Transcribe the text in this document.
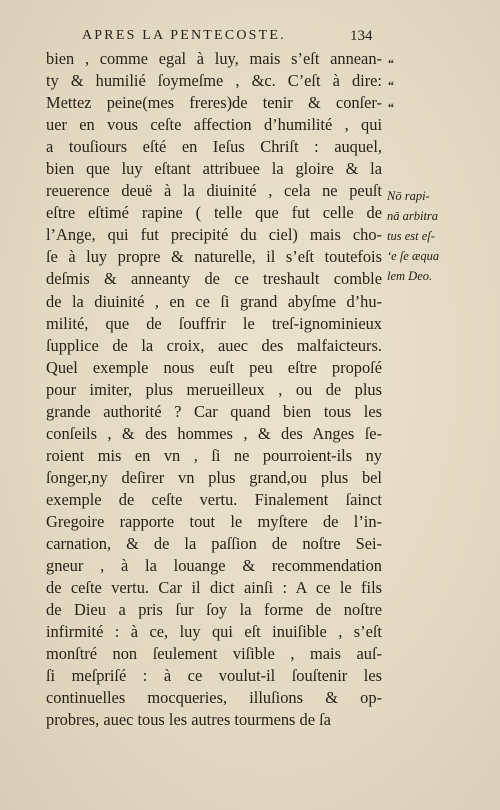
APRES LA PENTECOSTE.	134
“
“
“
bien , comme egal à luy, mais s’eſt annean-
ty & humilié ſoymeſme , &c. C’eſt à dire:
Mettez peine(mes freres)de tenir & conſer-
uer en vous ceſte affection d’humilité , qui
a touſiours eſté en Ieſus Chriſt : auquel,
bien que luy eſtant attribuee la gloire & la
reuerence deuë à la diuinité , cela ne peuſt
eſtre eſtimé rapine ( telle que fut celle de
l’Ange, qui fut precipité du ciel) mais cho-
ſe à luy propre & naturelle, il s’eſt toutefois
deſmis & anneanty de ce treshault comble
de la diuinité , en ce ſi grand abyſme d’hu-
milité, que de ſouffrir le treſ-ignominieux
ſupplice de la croix, auec des malfaicteurs.
Quel exemple nous euſt peu eſtre propoſé
pour imiter, plus merueilleux , ou de plus
grande authorité ? Car quand bien tous les
conſeils , & des hommes , & des Anges ſe-
roient mis en vn , ſi ne pourroient-ils ny
ſonger,ny deſirer vn plus grand,ou plus bel
exemple de ceſte vertu. Finalement ſainct
Gregoire rapporte tout le myſtere de l’in-
carnation, & de la paſſion de noſtre Sei-
gneur , à la louange & recommendation
de ceſte vertu. Car il dict ainſi : A ce le fils
de Dieu a pris ſur ſoy la forme de noſtre
infirmité : à ce, luy qui eſt inuiſible , s’eſt
monſtré non ſeulement viſible , mais auſ-
ſi meſpriſé : à ce voulut-il ſouſtenir les
continuelles mocqueries, illuſions & op-
probres, auec tous les autres tourmens de ſa
Nō rapi-
nā arbitra
tus est eſ-
ʻe ſe æqua
lem Deo.
